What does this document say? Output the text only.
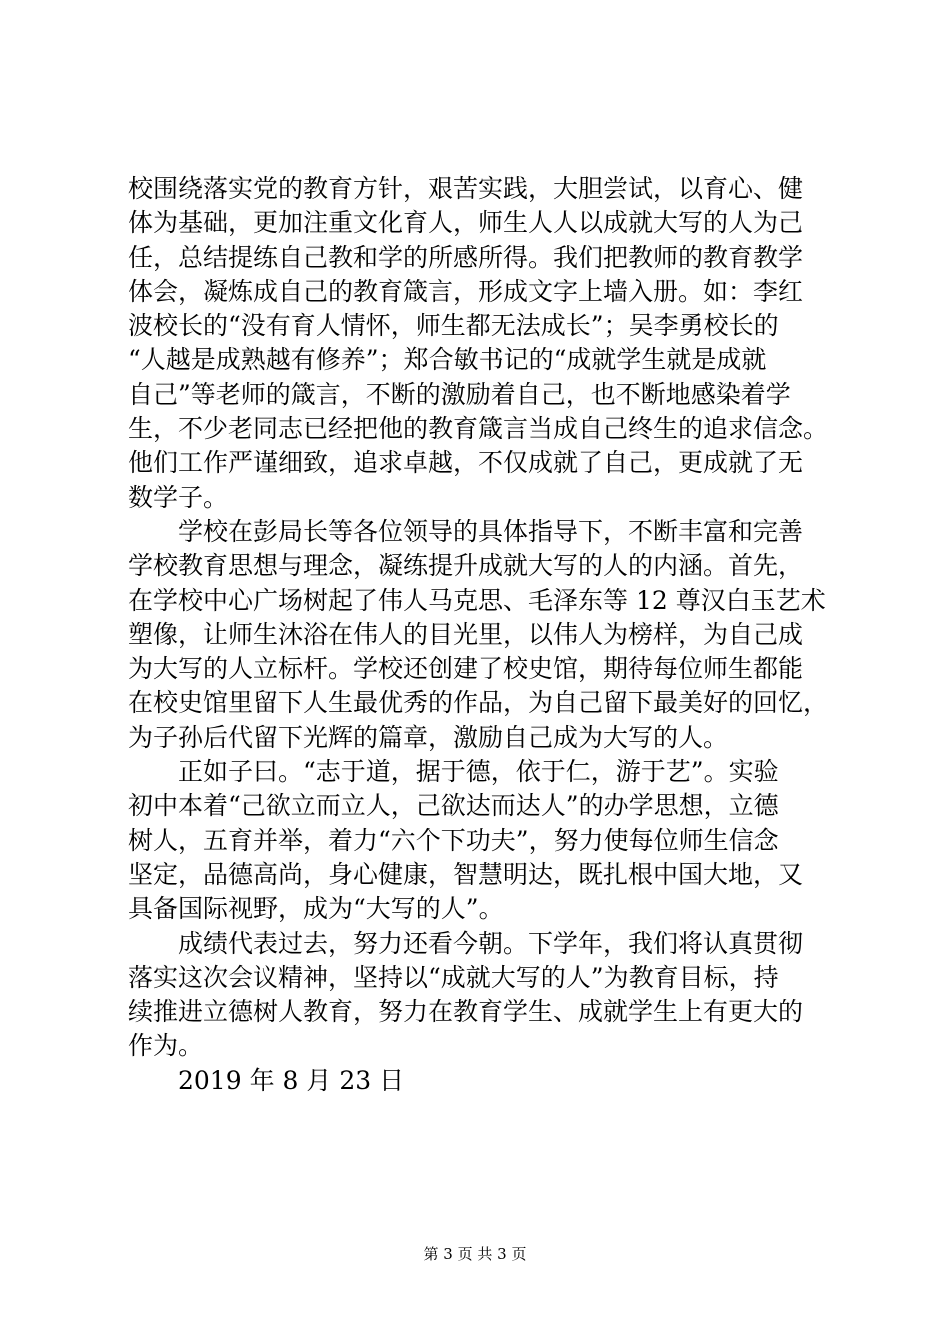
校围绕落实党的教育方针，艰苦实践，大胆尝试，以育心、健
体为基础，更加注重文化育人，师生人人以成就大写的人为己
任，总结提练自己教和学的所感所得。我们把教师的教育教学
体会，凝炼成自己的教育箴言，形成文字上墙入册。如：李红
波校长的“没有育人情怀，师生都无法成长”；吴李勇校长的
“人越是成熟越有修养”；郑合敏书记的“成就学生就是成就
自己”等老师的箴言，不断的激励着自己，也不断地感染着学
生，不少老同志已经把他的教育箴言当成自己终生的追求信念。
他们工作严谨细致，追求卓越，不仅成就了自己，更成就了无
数学子。
　　学校在彭局长等各位领导的具体指导下，不断丰富和完善
学校教育思想与理念，凝练提升成就大写的人的内涵。首先，
在学校中心广场树起了伟人马克思、毛泽东等 12 尊汉白玉艺术
塑像，让师生沐浴在伟人的目光里，以伟人为榜样，为自己成
为大写的人立标杆。学校还创建了校史馆，期待每位师生都能
在校史馆里留下人生最优秀的作品，为自己留下最美好的回忆，
为子孙后代留下光辉的篇章，激励自己成为大写的人。
　　正如子曰。“志于道，据于德，依于仁，游于艺”。实验
初中本着“己欲立而立人，己欲达而达人”的办学思想，立德
树人，五育并举，着力“六个下功夫”，努力使每位师生信念
坚定，品德高尚，身心健康，智慧明达，既扎根中国大地，又
具备国际视野，成为“大写的人”。
　　成绩代表过去，努力还看今朝。下学年，我们将认真贯彻
落实这次会议精神，坚持以“成就大写的人”为教育目标，持
续推进立德树人教育，努力在教育学生、成就学生上有更大的
作为。
　　2019 年 8 月 23 日
第 3 页 共 3 页
